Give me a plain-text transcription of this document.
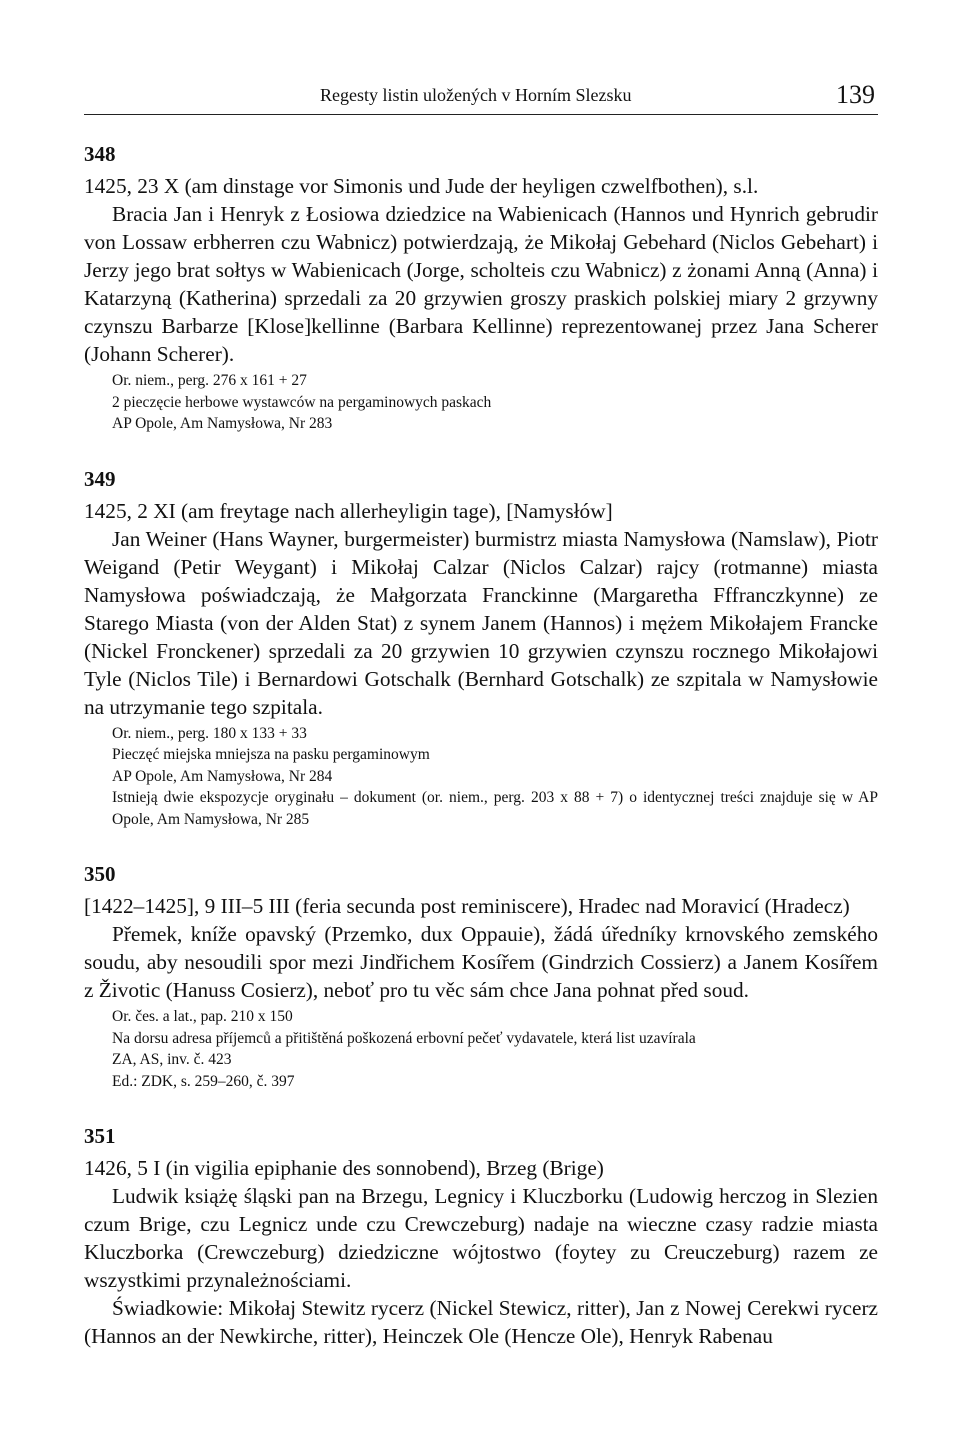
Regesty listin uložených v Horním Slezsku	139
348

1425, 23 X (am dinstage vor Simonis und Jude der heyligen czwelfbothen), s.l.

Bracia Jan i Henryk z Łosiowa dziedzice na Wabienicach (Hannos und Hynrich gebrudir von Lossaw erbherren czu Wabnicz) potwierdzają, że Mikołaj Gebehard (Niclos Gebehart) i Jerzy jego brat sołtys w Wabienicach (Jorge, scholteis czu Wabnicz) z żonami Anną (Anna) i Katarzyną (Katherina) sprzedali za 20 grzywien groszy praskich polskiej miary 2 grzywny czynszu Barbarze [Klose]kellinne (Barbara Kellinne) reprezentowanej przez Jana Scherer (Johann Scherer).

Or. niem., perg. 276 x 161 + 27

2 pieczęcie herbowe wystawców na pergaminowych paskach

AP Opole, Am Namysłowa, Nr 283

349

1425, 2 XI (am freytage nach allerheyligin tage), [Namysłów]

Jan Weiner (Hans Wayner, burgermeister) burmistrz miasta Namysłowa (Namslaw), Piotr Weigand (Petir Weygant) i Mikołaj Calzar (Niclos Calzar) rajcy (rotmanne) miasta Namysłowa poświadczają, że Małgorzata Franckinne (Margaretha Fffranczkynne) ze Starego Miasta (von der Alden Stat) z synem Janem (Hannos) i mężem Mikołajem Francke (Nickel Fronckener) sprzedali za 20 grzywien 10 grzywien czynszu rocznego Mikołajowi Tyle (Niclos Tile) i Bernardowi Gotschalk (Bernhard Gotschalk) ze szpitala w Namysłowie na utrzymanie tego szpitala.

Or. niem., perg. 180 x 133 + 33

Pieczęć miejska mniejsza na pasku pergaminowym

AP Opole, Am Namysłowa, Nr 284

Istnieją dwie ekspozycje oryginału – dokument (or. niem., perg. 203 x 88 + 7) o identycznej treści znajduje się w AP Opole, Am Namysłowa, Nr 285

350

[1422–1425], 9 III–5 III (feria secunda post reminiscere), Hradec nad Moravicí (Hradecz)

Přemek, kníže opavský (Przemko, dux Oppauie), žádá úředníky krnovského zemského soudu, aby nesoudili spor mezi Jindřichem Kosířem (Gindrzich Cossierz) a Janem Kosířem z Životic (Hanuss Cosierz), neboť pro tu věc sám chce Jana pohnat před soud.

Or. čes. a lat., pap. 210 x 150

Na dorsu adresa příjemců a přitištěná poškozená erbovní pečeť vydavatele, která list uzavírala

ZA, AS, inv. č. 423

Ed.: ZDK, s. 259–260, č. 397

351

1426, 5 I (in vigilia epiphanie des sonnobend), Brzeg (Brige)

Ludwik książę śląski pan na Brzegu, Legnicy i Kluczborku (Ludowig herczog in Slezien czum Brige, czu Legnicz unde czu Crewczeburg) nadaje na wieczne czasy radzie miasta Kluczborka (Crewczeburg) dziedziczne wójtostwo (foytey zu Creuczeburg) razem ze wszystkimi przynależnościami.

Świadkowie: Mikołaj Stewitz rycerz (Nickel Stewicz, ritter), Jan z Nowej Cerekwi rycerz (Hannos an der Newkirche, ritter), Heinczek Ole (Hencze Ole), Henryk Rabenau
